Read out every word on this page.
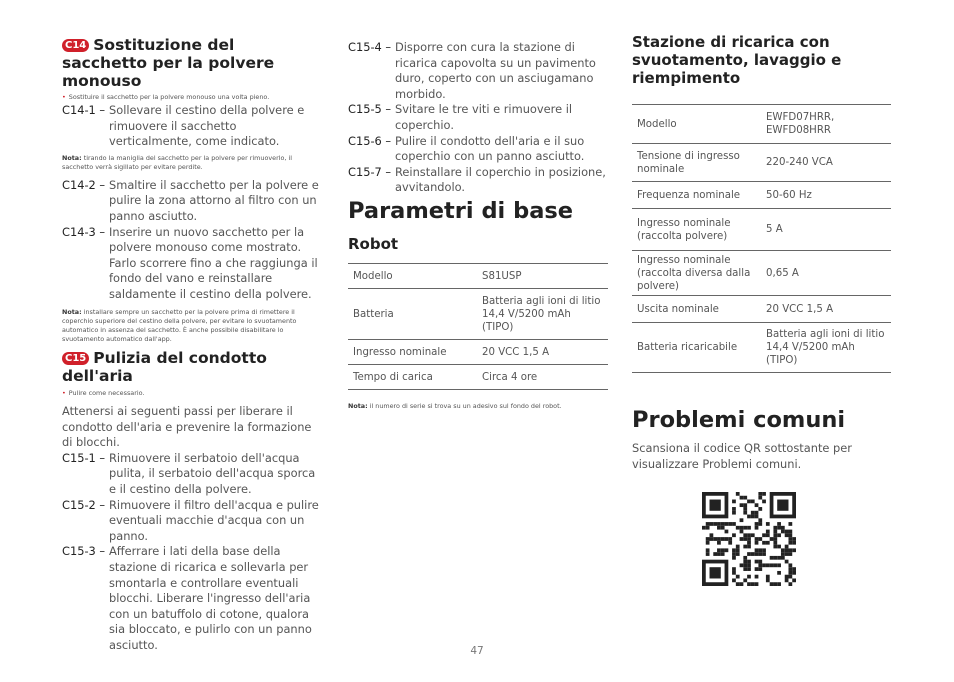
C14 Sostituzione del sacchetto per la polvere monouso

• Sostituire il sacchetto per la polvere monouso una volta pieno.
C14-1 – Sollevare il cestino della polvere e rimuovere il sacchetto verticalmente, come indicato.
Nota: tirando la maniglia del sacchetto per la polvere per rimuoverlo, il sacchetto verrà sigillato per evitare perdite.
C14-2 – Smaltire il sacchetto per la polvere e pulire la zona attorno al filtro con un panno asciutto.
C14-3 – Inserire un nuovo sacchetto per la polvere monouso come mostrato. Farlo scorrere fino a che raggiunga il fondo del vano e reinstallare saldamente il cestino della polvere.
Nota: installare sempre un sacchetto per la polvere prima di rimettere il coperchio superiore del cestino della polvere, per evitare lo svuotamento automatico in assenza del sacchetto. È anche possibile disabilitare lo svuotamento automatico dall'app.

C15 Pulizia del condotto dell'aria

• Pulire come necessario.
Attenersi ai seguenti passi per liberare il condotto dell'aria e prevenire la formazione di blocchi.
C15-1 – Rimuovere il serbatoio dell'acqua pulita, il serbatoio dell'acqua sporca e il cestino della polvere.
C15-2 – Rimuovere il filtro dell'acqua e pulire eventuali macchie d'acqua con un panno.
C15-3 – Afferrare i lati della base della stazione di ricarica e sollevarla per smontarla e controllare eventuali blocchi. Liberare l'ingresso dell'aria con un batuffolo di cotone, qualora sia bloccato, e pulirlo con un panno asciutto.
C15-4 – Disporre con cura la stazione di ricarica capovolta su un pavimento duro, coperto con un asciugamano morbido.
C15-5 – Svitare le tre viti e rimuovere il coperchio.
C15-6 – Pulire il condotto dell'aria e il suo coperchio con un panno asciutto.
C15-7 – Reinstallare il coperchio in posizione, avvitandolo.

Parametri di base

Robot

Modello	S81USP
Batteria	Batteria agli ioni di litio 14,4 V/5200 mAh (TIPO)
Ingresso nominale	20 VCC 1,5 A
Tempo di carica	Circa 4 ore
Nota: il numero di serie si trova su un adesivo sul fondo del robot.

Stazione di ricarica con svuotamento, lavaggio e riempimento

Modello	EWFD07HRR, EWFD08HRR
Tensione di ingresso nominale	220-240 VCA
Frequenza nominale	50-60 Hz
Ingresso nominale (raccolta polvere)	5 A
Ingresso nominale (raccolta diversa dalla polvere)	0,65 A
Uscita nominale	20 VCC 1,5 A
Batteria ricaricabile	Batteria agli ioni di litio 14,4 V/5200 mAh (TIPO)

Problemi comuni

Scansiona il codice QR sottostante per visualizzare Problemi comuni.
47
